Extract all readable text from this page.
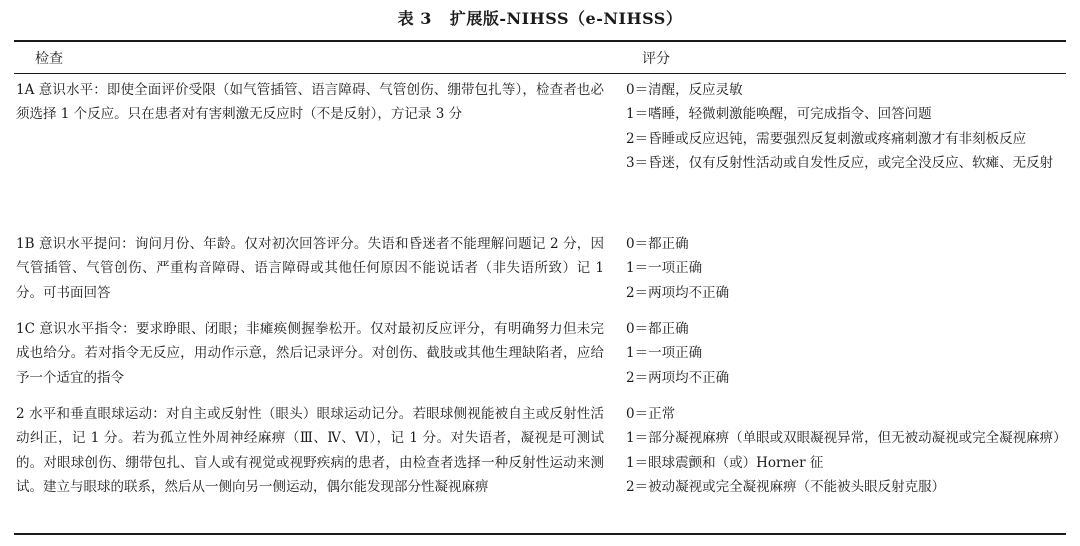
表 3 扩展版-NIHSS（e-NIHSS）
检查	评分

1A 意识水平：即使全面评价受限（如气管插管、语言障碍、气管创伤、绷带包扎等），检查者也必须选择 1 个反应。只在患者对有害刺激无反应时（不是反射），方记录 3 分

0＝清醒，反应灵敏
1＝嗜睡，轻微刺激能唤醒，可完成指令、回答问题
2＝昏睡或反应迟钝，需要强烈反复刺激或疼痛刺激才有非刻板反应
3＝昏迷，仅有反射性活动或自发性反应，或完全没反应、软瘫、无反射

1B 意识水平提问：询问月份、年龄。仅对初次回答评分。失语和昏迷者不能理解问题记 2 分，因气管插管、气管创伤、严重构音障碍、语言障碍或其他任何原因不能说话者（非失语所致）记 1 分。可书面回答

0＝都正确
1＝一项正确
2＝两项均不正确

1C 意识水平指令：要求睁眼、闭眼；非瘫痪侧握拳松开。仅对最初反应评分，有明确努力但未完成也给分。若对指令无反应，用动作示意，然后记录评分。对创伤、截肢或其他生理缺陷者，应给予一个适宜的指令

0＝都正确
1＝一项正确
2＝两项均不正确

2 水平和垂直眼球运动：对自主或反射性（眼头）眼球运动记分。若眼球侧视能被自主或反射性活动纠正，记 1 分。若为孤立性外周神经麻痹（Ⅲ、Ⅳ、Ⅵ），记 1 分。对失语者，凝视是可测试的。对眼球创伤、绷带包扎、盲人或有视觉或视野疾病的患者，由检查者选择一种反射性运动来测试。建立与眼球的联系，然后从一侧向另一侧运动，偶尔能发现部分性凝视麻痹

0＝正常
1＝部分凝视麻痹（单眼或双眼凝视异常，但无被动凝视或完全凝视麻痹）
1＝眼球震颤和（或）Horner 征
2＝被动凝视或完全凝视麻痹（不能被头眼反射克服）
